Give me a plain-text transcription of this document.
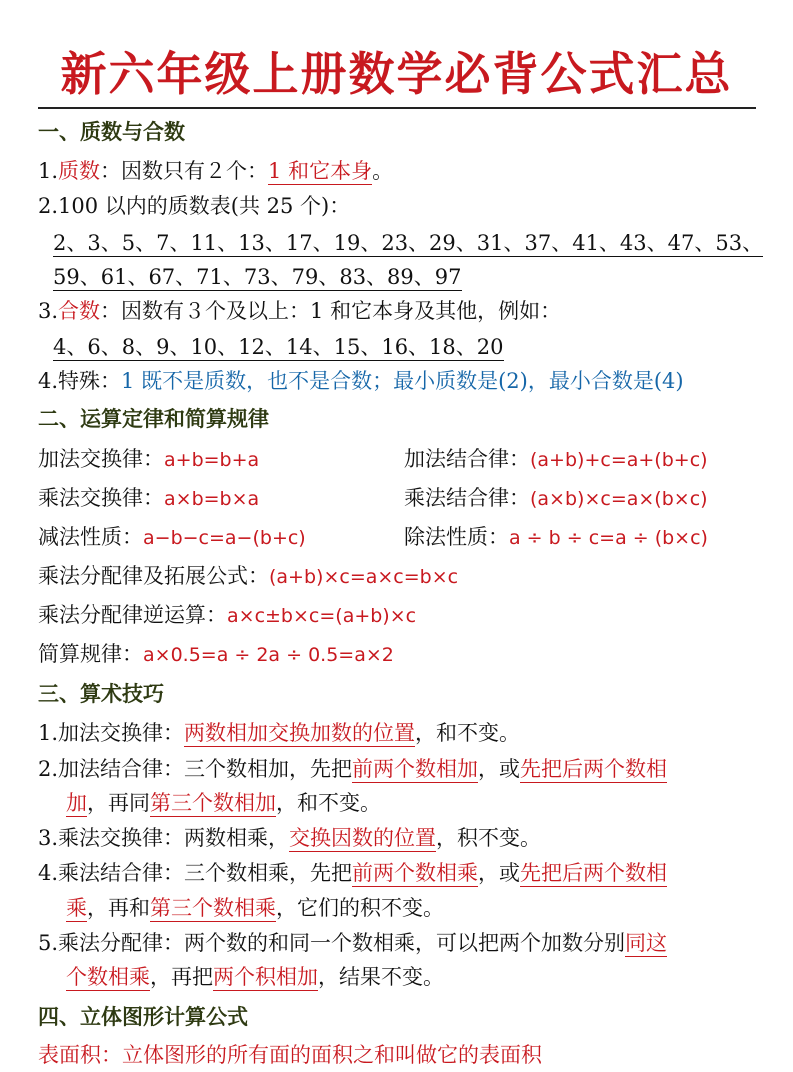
新六年级上册数学必背公式汇总
一、质数与合数
1.质数：因数只有２个：1 和它本身。
2.100 以内的质数表(共 25 个)：
2、3、5、7、11、13、17、19、23、29、31、37、41、43、47、53、
59、61、67、71、73、79、83、89、97
3.合数：因数有３个及以上：1 和它本身及其他，例如：
4、6、8、9、10、12、14、15、16、18、20
4.特殊：1 既不是质数，也不是合数；最小质数是(2)，最小合数是(4)
二、运算定律和简算规律
加法交换律：a+b=b+a	加法结合律：(a+b)+c=a+(b+c)
乘法交换律：a×b=b×a	乘法结合律：(a×b)×c=a×(b×c)
减法性质：a−b−c=a−(b+c)	除法性质：a ÷ b ÷ c=a ÷ (b×c)
乘法分配律及拓展公式：(a+b)×c=a×c=b×c
乘法分配律逆运算：a×c±b×c=(a+b)×c
简算规律：a×0.5=a ÷ 2a ÷ 0.5=a×2
三、算术技巧
1.加法交换律：两数相加交换加数的位置，和不变。
2.加法结合律：三个数相加，先把前两个数相加，或先把后两个数相
加，再同第三个数相加，和不变。
3.乘法交换律：两数相乘，交换因数的位置，积不变。
4.乘法结合律：三个数相乘，先把前两个数相乘，或先把后两个数相
乘，再和第三个数相乘，它们的积不变。
5.乘法分配律：两个数的和同一个数相乘，可以把两个加数分别同这
个数相乘，再把两个积相加，结果不变。
四、立体图形计算公式
表面积：立体图形的所有面的面积之和叫做它的表面积
